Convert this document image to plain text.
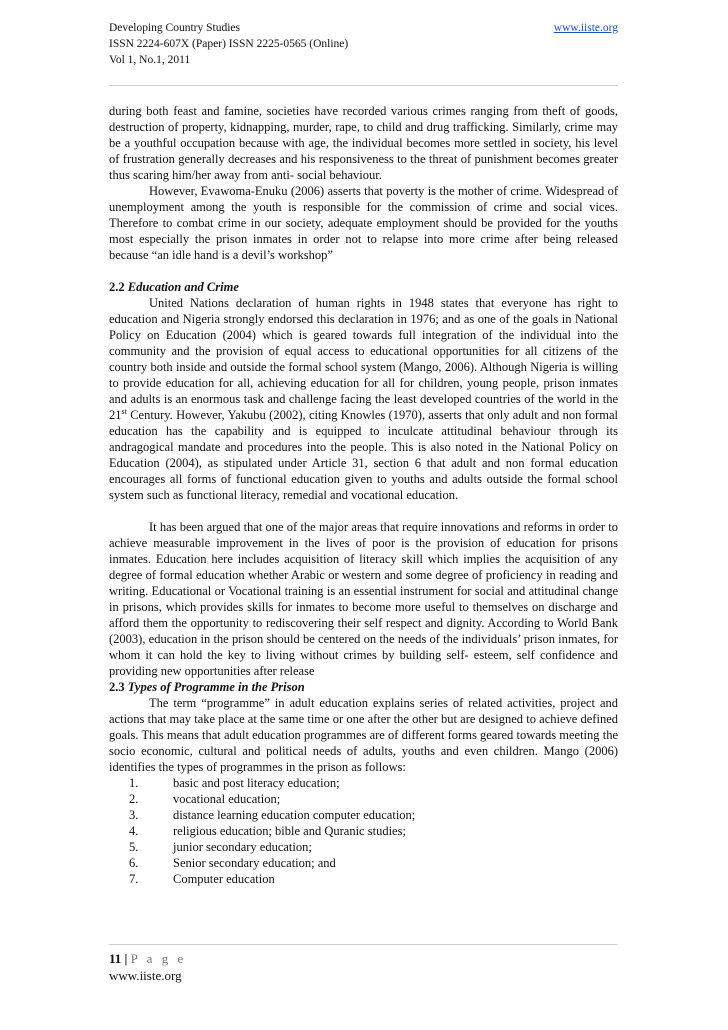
Developing Country Studies	www.iiste.org
ISSN 2224-607X (Paper) ISSN 2225-0565 (Online)
Vol 1, No.1, 2011

during both feast and famine, societies have recorded various crimes ranging from theft of goods, destruction of property, kidnapping, murder, rape, to child and drug trafficking. Similarly, crime may be a youthful occupation because with age, the individual becomes more settled in society, his level of frustration generally decreases and his responsiveness to the threat of punishment becomes greater thus scaring him/her away from anti- social behaviour.

However, Evawoma-Enuku (2006) asserts that poverty is the mother of crime. Widespread of unemployment among the youth is responsible for the commission of crime and social vices. Therefore to combat crime in our society, adequate employment should be provided for the youths most especially the prison inmates in order not to relapse into more crime after being released because “an idle hand is a devil’s workshop”

2.2 Education and Crime

United Nations declaration of human rights in 1948 states that everyone has right to education and Nigeria strongly endorsed this declaration in 1976; and as one of the goals in National Policy on Education (2004) which is geared towards full integration of the individual into the community and the provision of equal access to educational opportunities for all citizens of the country both inside and outside the formal school system (Mango, 2006). Although Nigeria is willing to provide education for all, achieving education for all for children, young people, prison inmates and adults is an enormous task and challenge facing the least developed countries of the world in the 21st Century. However, Yakubu (2002), citing Knowles (1970), asserts that only adult and non formal education has the capability and is equipped to inculcate attitudinal behaviour through its andragogical mandate and procedures into the people. This is also noted in the National Policy on Education (2004), as stipulated under Article 31, section 6 that adult and non formal education encourages all forms of functional education given to youths and adults outside the formal school system such as functional literacy, remedial and vocational education.

It has been argued that one of the major areas that require innovations and reforms in order to achieve measurable improvement in the lives of poor is the provision of education for prisons inmates. Education here includes acquisition of literacy skill which implies the acquisition of any degree of formal education whether Arabic or western and some degree of proficiency in reading and writing. Educational or Vocational training is an essential instrument for social and attitudinal change in prisons, which provides skills for inmates to become more useful to themselves on discharge and afford them the opportunity to rediscovering their self respect and dignity. According to World Bank (2003), education in the prison should be centered on the needs of the individuals’ prison inmates, for whom it can hold the key to living without crimes by building self- esteem, self confidence and providing new opportunities after release

2.3 Types of Programme in the Prison

The term “programme” in adult education explains series of related activities, project and actions that may take place at the same time or one after the other but are designed to achieve defined goals. This means that adult education programmes are of different forms geared towards meeting the socio economic, cultural and political needs of adults, youths and even children. Mango (2006) identifies the types of programmes in the prison as follows:

1.	basic and post literacy education;
2.	vocational education;
3.	distance learning education computer education;
4.	religious education; bible and Quranic studies;
5.	junior secondary education;
6.	Senior secondary education; and
7.	Computer education
11 | P a g e
www.iiste.org
